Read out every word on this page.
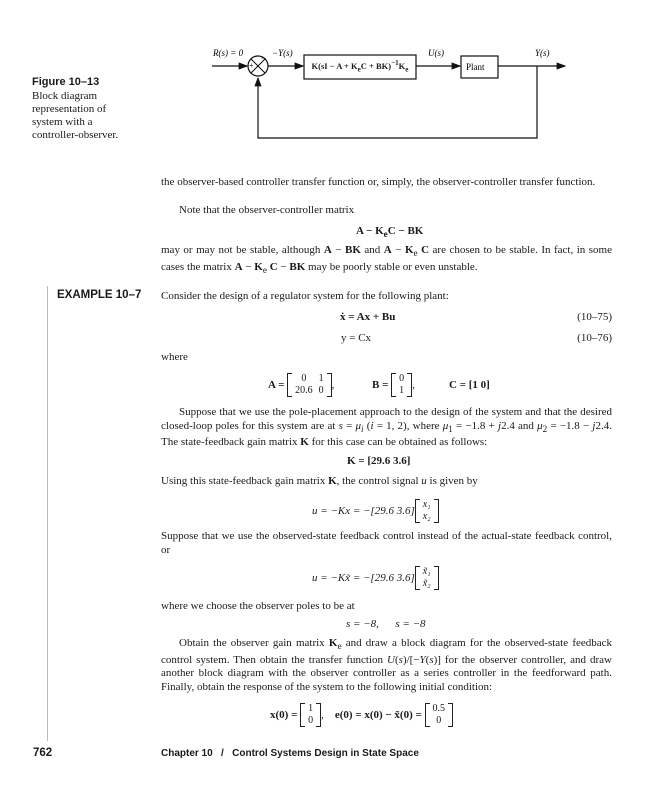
Figure 10–13
Block diagram
representation of
system with a
controller-observer.
+
−
R(s) = 0	−Y(s)	U(s)
Plant
Y(s)
$K(sI - A + K_eC + BK)^{-1}K_e$
the observer-based controller transfer function or, simply, the observer-controller transfer function.
Note that the observer-controller matrix
$A - K_eC$ − BK
may or may not be stable, although A − BK and $A - K_e$ C are chosen to be stable. In fact, in some cases the matrix $A - K_e$ C − BK may be poorly stable or even unstable.
EXAMPLE 10–7 Consider the design of a regulator system for the following plant:
ẋ = Ax + Bu	(10–75)
y = Cx	(10–76)
where
A =

0	1
20.6	0 ,	B =

0
1 ,	C = [1 0]
Suppose that we use the pole-placement approach to the design of the system and that the desired closed-loop poles for this system are at $s = \mu_i$ (i = 1, 2), where $\mu_1 = -1.8 + j2.4$ and $\mu_2 = -1.8 - j2.4$. The state-feedback gain matrix K for this case can be obtained as follows:
K = [29.6 3.6]
Using this state-feedback gain matrix K, the control signal u is given by
u = −Kx = −[29.6 3.6]
x₁
x₂
Suppose that we use the observed-state feedback control instead of the actual-state feedback control, or
u = −Kx̃ = −[29.6 3.6]
x̃₁
x̃₂
where we choose the observer poles to be at
s = −8,      s = −8
Obtain the observer gain matrix $K_e$ and draw a block diagram for the observed-state feedback control system. Then obtain the transfer function U(s)/[−Y(s)] for the observer controller, and draw another block diagram with the observer controller as a series controller in the feedforward path. Finally, obtain the response of the system to the following initial condition:
x(0) =

1
0 , e(0) = x(0) − x̃(0) =

0.5
0
762	Chapter 10 / Control Systems Design in State Space
